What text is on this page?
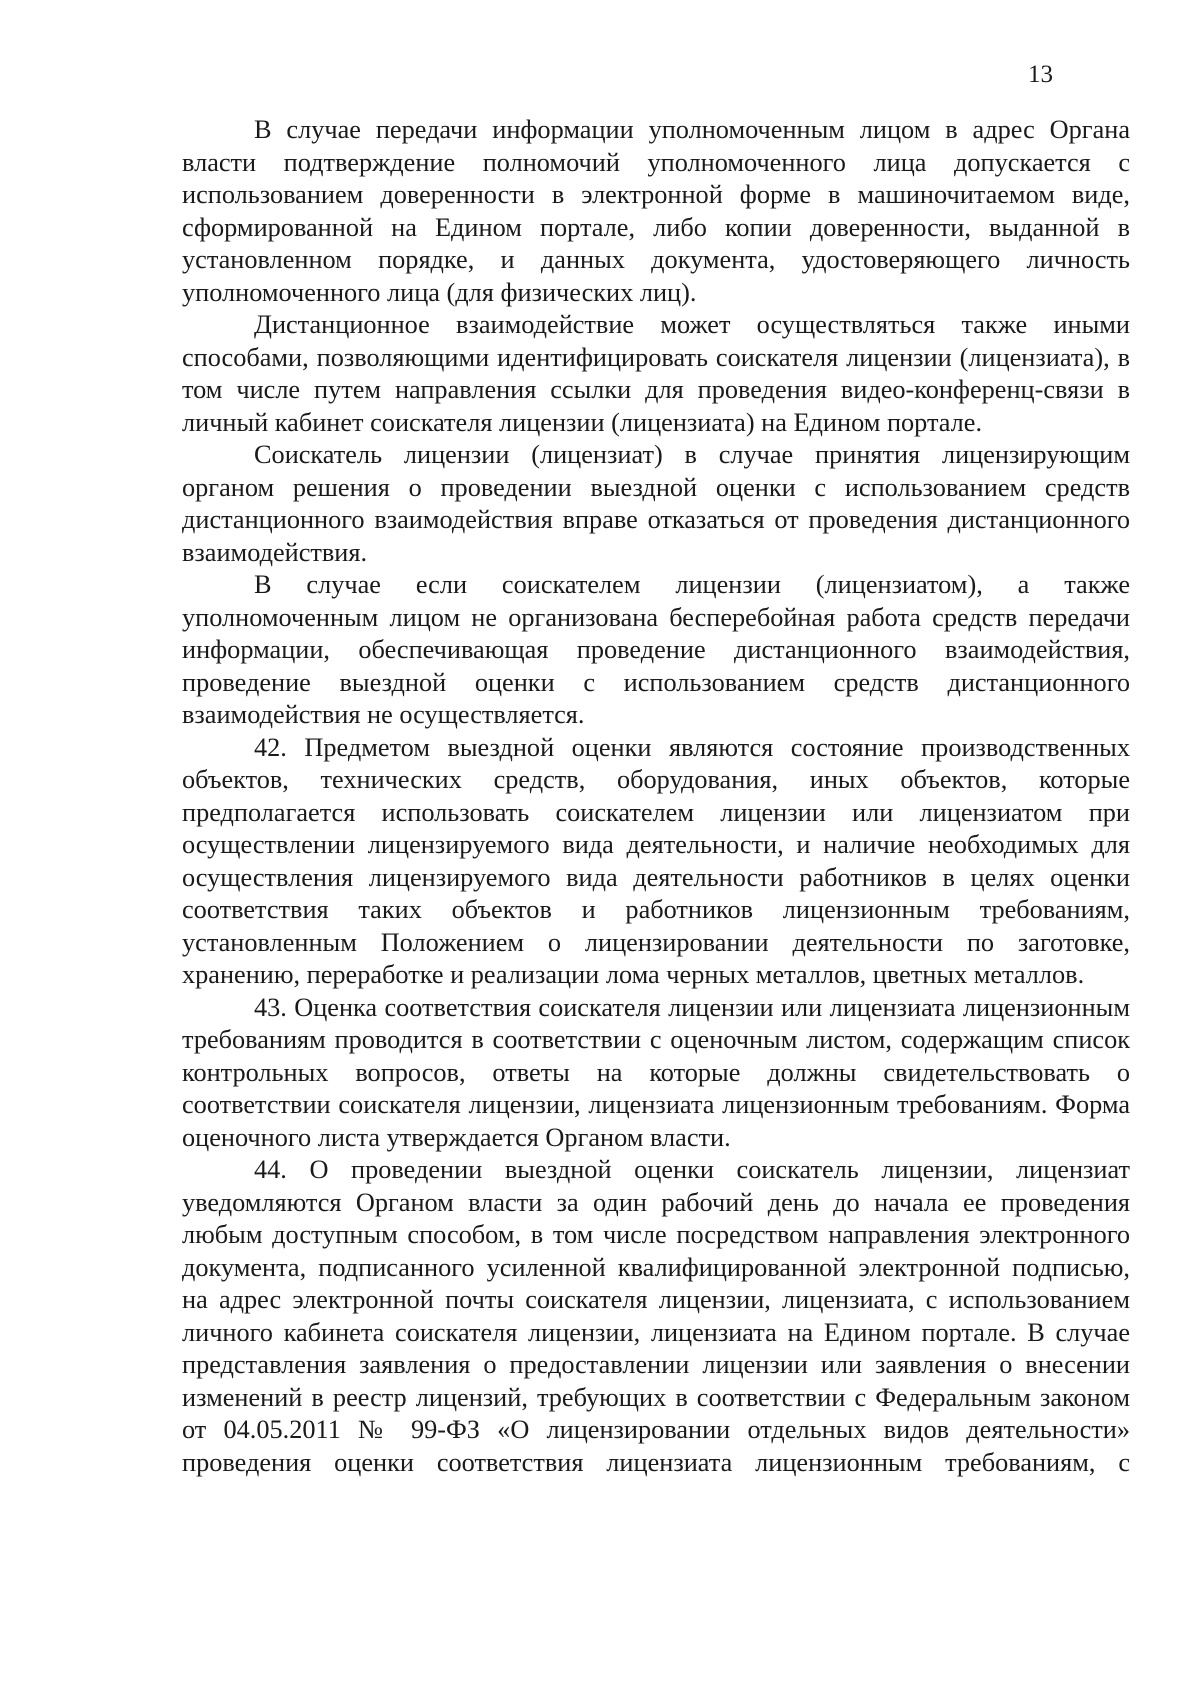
13

В случае передачи информации уполномоченным лицом в адрес Органа власти подтверждение полномочий уполномоченного лица допускается с использованием доверенности в электронной форме в машиночитаемом виде, сформированной на Едином портале, либо копии доверенности, выданной в установленном порядке, и данных документа, удостоверяющего личность уполномоченного лица (для физических лиц).

Дистанционное взаимодействие может осуществляться также иными способами, позволяющими идентифицировать соискателя лицензии (лицензиата), в том числе путем направления ссылки для проведения видео-конференц-связи в личный кабинет соискателя лицензии (лицензиата) на Едином портале.

Соискатель лицензии (лицензиат) в случае принятия лицензирующим органом решения о проведении выездной оценки с использованием средств дистанционного взаимодействия вправе отказаться от проведения дистанционного взаимодействия.

В случае если соискателем лицензии (лицензиатом), а также уполномоченным лицом не организована бесперебойная работа средств передачи информации, обеспечивающая проведение дистанционного взаимодействия, проведение выездной оценки с использованием средств дистанционного взаимодействия не осуществляется.

42. Предметом выездной оценки являются состояние производственных объектов, технических средств, оборудования, иных объектов, которые предполагается использовать соискателем лицензии или лицензиатом при осуществлении лицензируемого вида деятельности, и наличие необходимых для осуществления лицензируемого вида деятельности работников в целях оценки соответствия таких объектов и работников лицензионным требованиям, установленным Положением о лицензировании деятельности по заготовке, хранению, переработке и реализации лома черных металлов, цветных металлов.

43. Оценка соответствия соискателя лицензии или лицензиата лицензионным требованиям проводится в соответствии с оценочным листом, содержащим список контрольных вопросов, ответы на которые должны свидетельствовать о соответствии соискателя лицензии, лицензиата лицензионным требованиям. Форма оценочного листа утверждается Органом власти.

44. О проведении выездной оценки соискатель лицензии, лицензиат уведомляются Органом власти за один рабочий день до начала ее проведения любым доступным способом, в том числе посредством направления электронного документа, подписанного усиленной квалифицированной электронной подписью, на адрес электронной почты соискателя лицензии, лицензиата, с использованием личного кабинета соискателя лицензии, лицензиата на Едином портале. В случае представления заявления о предоставлении лицензии или заявления о внесении изменений в реестр лицензий, требующих в соответствии с Федеральным законом от 04.05.2011 № 99-ФЗ «О лицензировании отдельных видов деятельности» проведения оценки соответствия лицензиата лицензионным требованиям, с
